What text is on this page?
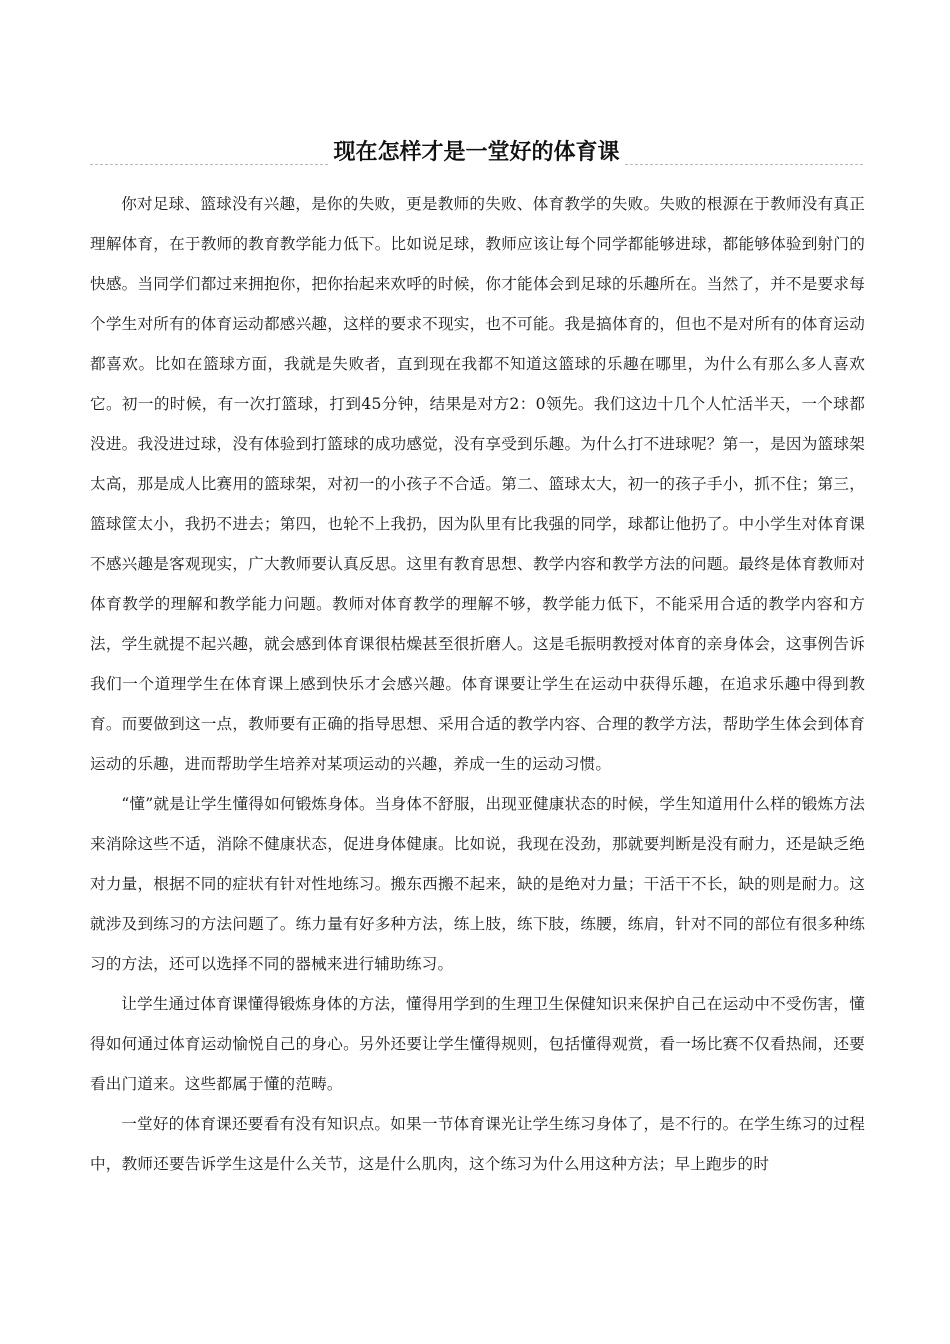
现在怎样才是一堂好的体育课

你对足球、篮球没有兴趣，是你的失败，更是教师的失败、体育教学的失败。失败的根源在于教师没有真正理解体育，在于教师的教育教学能力低下。比如说足球，教师应该让每个同学都能够进球，都能够体验到射门的快感。当同学们都过来拥抱你，把你抬起来欢呼的时候，你才能体会到足球的乐趣所在。当然了，并不是要求每个学生对所有的体育运动都感兴趣，这样的要求不现实，也不可能。我是搞体育的，但也不是对所有的体育运动都喜欢。比如在篮球方面，我就是失败者，直到现在我都不知道这篮球的乐趣在哪里，为什么有那么多人喜欢它。初一的时候，有一次打篮球，打到45分钟，结果是对方2：0领先。我们这边十几个人忙活半天，一个球都没进。我没进过球，没有体验到打篮球的成功感觉，没有享受到乐趣。为什么打不进球呢？第一，是因为篮球架太高，那是成人比赛用的篮球架，对初一的小孩子不合适。第二、篮球太大，初一的孩子手小，抓不住；第三，篮球筐太小，我扔不进去；第四，也轮不上我扔，因为队里有比我强的同学，球都让他扔了。中小学生对体育课不感兴趣是客观现实，广大教师要认真反思。这里有教育思想、教学内容和教学方法的问题。最终是体育教师对体育教学的理解和教学能力问题。教师对体育教学的理解不够，教学能力低下，不能采用合适的教学内容和方法，学生就提不起兴趣，就会感到体育课很枯燥甚至很折磨人。这是毛振明教授对体育的亲身体会，这事例告诉我们一个道理学生在体育课上感到快乐才会感兴趣。体育课要让学生在运动中获得乐趣，在追求乐趣中得到教育。而要做到这一点，教师要有正确的指导思想、采用合适的教学内容、合理的教学方法，帮助学生体会到体育运动的乐趣，进而帮助学生培养对某项运动的兴趣，养成一生的运动习惯。

“懂”就是让学生懂得如何锻炼身体。当身体不舒服，出现亚健康状态的时候，学生知道用什么样的锻炼方法来消除这些不适，消除不健康状态，促进身体健康。比如说，我现在没劲，那就要判断是没有耐力，还是缺乏绝对力量，根据不同的症状有针对性地练习。搬东西搬不起来，缺的是绝对力量；干活干不长，缺的则是耐力。这就涉及到练习的方法问题了。练力量有好多种方法，练上肢，练下肢，练腰，练肩，针对不同的部位有很多种练习的方法，还可以选择不同的器械来进行辅助练习。

让学生通过体育课懂得锻炼身体的方法，懂得用学到的生理卫生保健知识来保护自己在运动中不受伤害，懂得如何通过体育运动愉悦自己的身心。另外还要让学生懂得规则，包括懂得观赏，看一场比赛不仅看热闹，还要看出门道来。这些都属于懂的范畴。

一堂好的体育课还要看有没有知识点。如果一节体育课光让学生练习身体了，是不行的。在学生练习的过程中，教师还要告诉学生这是什么关节，这是什么肌肉，这个练习为什么用这种方法；早上跑步的时
